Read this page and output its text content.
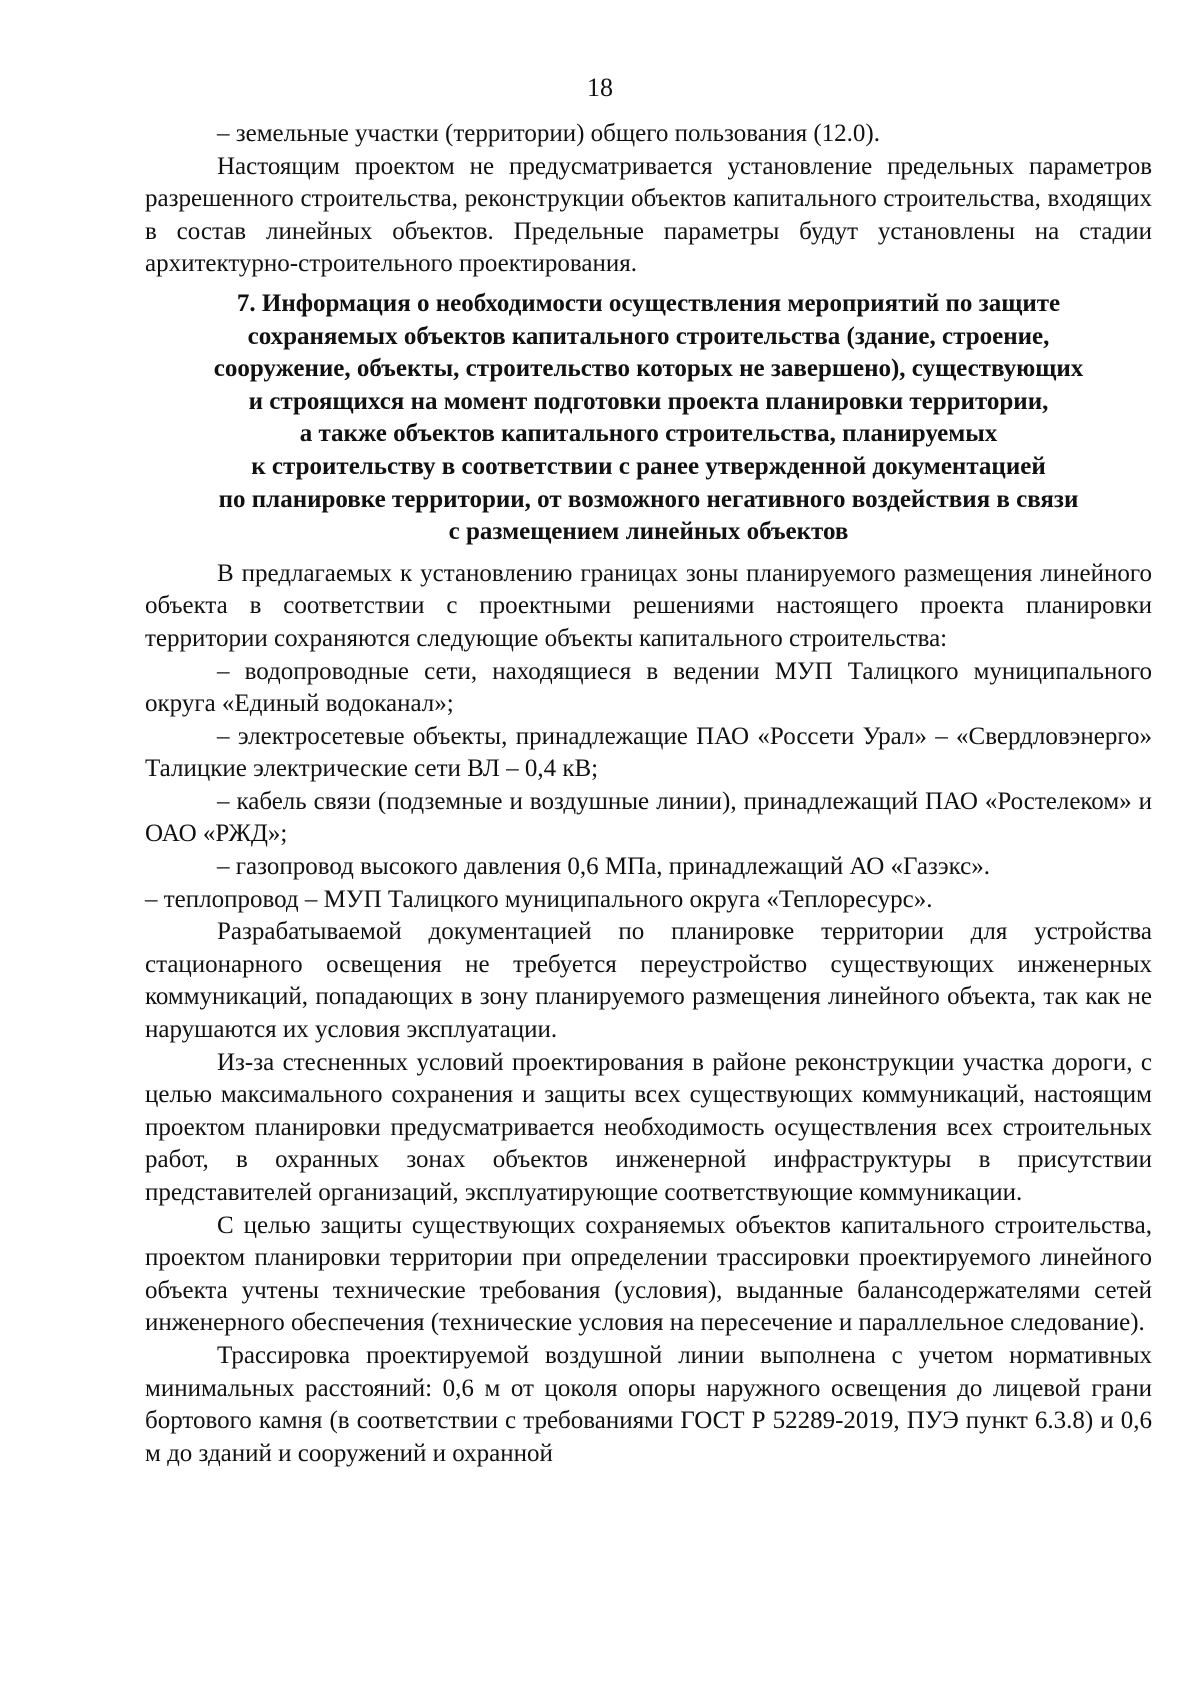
18

– земельные участки (территории) общего пользования (12.0).

Настоящим проектом не предусматривается установление предельных параметров разрешенного строительства, реконструкции объектов капитального строительства, входящих в состав линейных объектов. Предельные параметры будут установлены на стадии архитектурно-строительного проектирования.

7. Информация о необходимости осуществления мероприятий по защите
сохраняемых объектов капитального строительства (здание, строение,
сооружение, объекты, строительство которых не завершено), существующих
и строящихся на момент подготовки проекта планировки территории,
а также объектов капитального строительства, планируемых
к строительству в соответствии с ранее утвержденной документацией
по планировке территории, от возможного негативного воздействия в связи
с размещением линейных объектов

В предлагаемых к установлению границах зоны планируемого размещения линейного объекта в соответствии с проектными решениями настоящего проекта планировки территории сохраняются следующие объекты капитального строительства:

– водопроводные сети, находящиеся в ведении МУП Талицкого муниципального округа «Единый водоканал»;

– электросетевые объекты, принадлежащие ПАО «Россети Урал» – «Свердловэнерго» Талицкие электрические сети ВЛ – 0,4 кВ;

– кабель связи (подземные и воздушные линии), принадлежащий ПАО «Ростелеком» и ОАО «РЖД»;

– газопровод высокого давления 0,6 МПа, принадлежащий АО «Газэкс».

– теплопровод – МУП Талицкого муниципального округа «Теплоресурс».

Разрабатываемой документацией по планировке территории для устройства стационарного освещения не требуется переустройство существующих инженерных коммуникаций, попадающих в зону планируемого размещения линейного объекта, так как не нарушаются их условия эксплуатации.

Из-за стесненных условий проектирования в районе реконструкции участка дороги, с целью максимального сохранения и защиты всех существующих коммуникаций, настоящим проектом планировки предусматривается необходимость осуществления всех строительных работ, в охранных зонах объектов инженерной инфраструктуры в присутствии представителей организаций, эксплуатирующие соответствующие коммуникации.

С целью защиты существующих сохраняемых объектов капитального строительства, проектом планировки территории при определении трассировки проектируемого линейного объекта учтены технические требования (условия), выданные балансодержателями сетей инженерного обеспечения (технические условия на пересечение и параллельное следование).

Трассировка проектируемой воздушной линии выполнена с учетом нормативных минимальных расстояний: 0,6 м от цоколя опоры наружного освещения до лицевой грани бортового камня (в соответствии с требованиями ГОСТ Р 52289-2019, ПУЭ пункт 6.3.8) и 0,6 м до зданий и сооружений и охранной
